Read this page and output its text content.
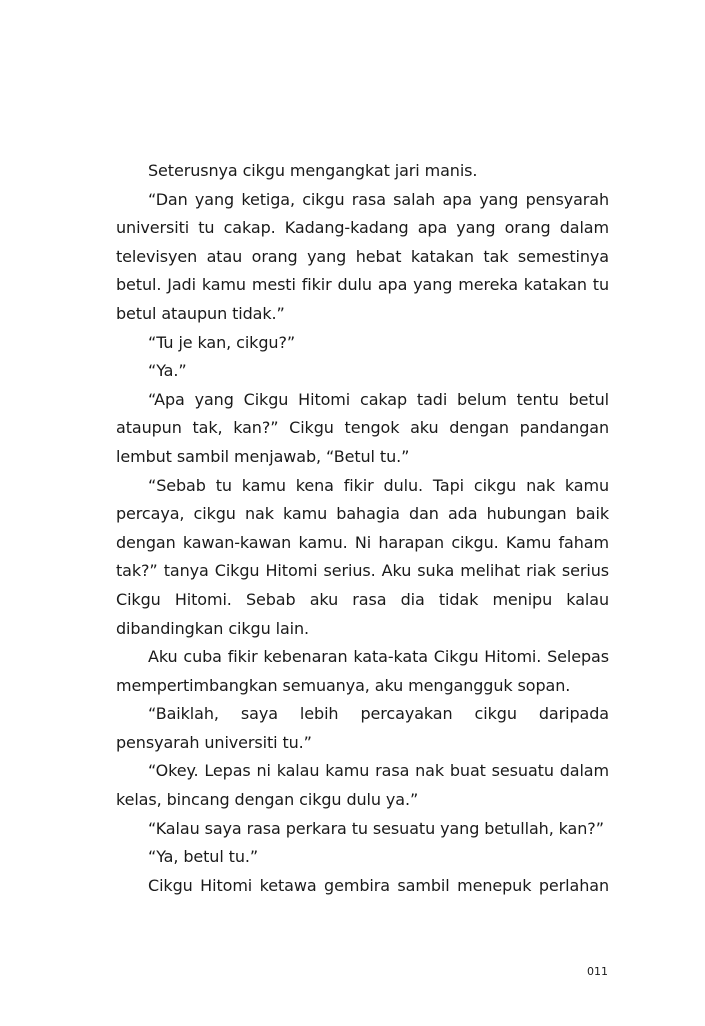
Seterusnya cikgu mengangkat jari manis.

“Dan yang ketiga, cikgu rasa salah apa yang pensyarah universiti tu cakap. Kadang-kadang apa yang orang dalam televisyen atau orang yang hebat katakan tak semestinya betul. Jadi kamu mesti fikir dulu apa yang mereka katakan tu betul ataupun tidak.”

“Tu je kan, cikgu?”

“Ya.”

“Apa yang Cikgu Hitomi cakap tadi belum tentu betul ataupun tak, kan?” Cikgu tengok aku dengan pandangan lembut sambil menjawab, “Betul tu.”

“Sebab tu kamu kena fikir dulu. Tapi cikgu nak kamu percaya, cikgu nak kamu bahagia dan ada hubungan baik dengan kawan-kawan kamu. Ni harapan cikgu. Kamu faham tak?” tanya Cikgu Hitomi serius. Aku suka melihat riak serius Cikgu Hitomi. Sebab aku rasa dia tidak menipu kalau dibandingkan cikgu lain.

Aku cuba fikir kebenaran kata-kata Cikgu Hitomi. Selepas mempertimbangkan semuanya, aku mengangguk sopan.

“Baiklah, saya lebih percayakan cikgu daripada pensyarah universiti tu.”

“Okey. Lepas ni kalau kamu rasa nak buat sesuatu dalam kelas, bincang dengan cikgu dulu ya.”

“Kalau saya rasa perkara tu sesuatu yang betullah, kan?”

“Ya, betul tu.”

Cikgu Hitomi ketawa gembira sambil menepuk perlahan

011
